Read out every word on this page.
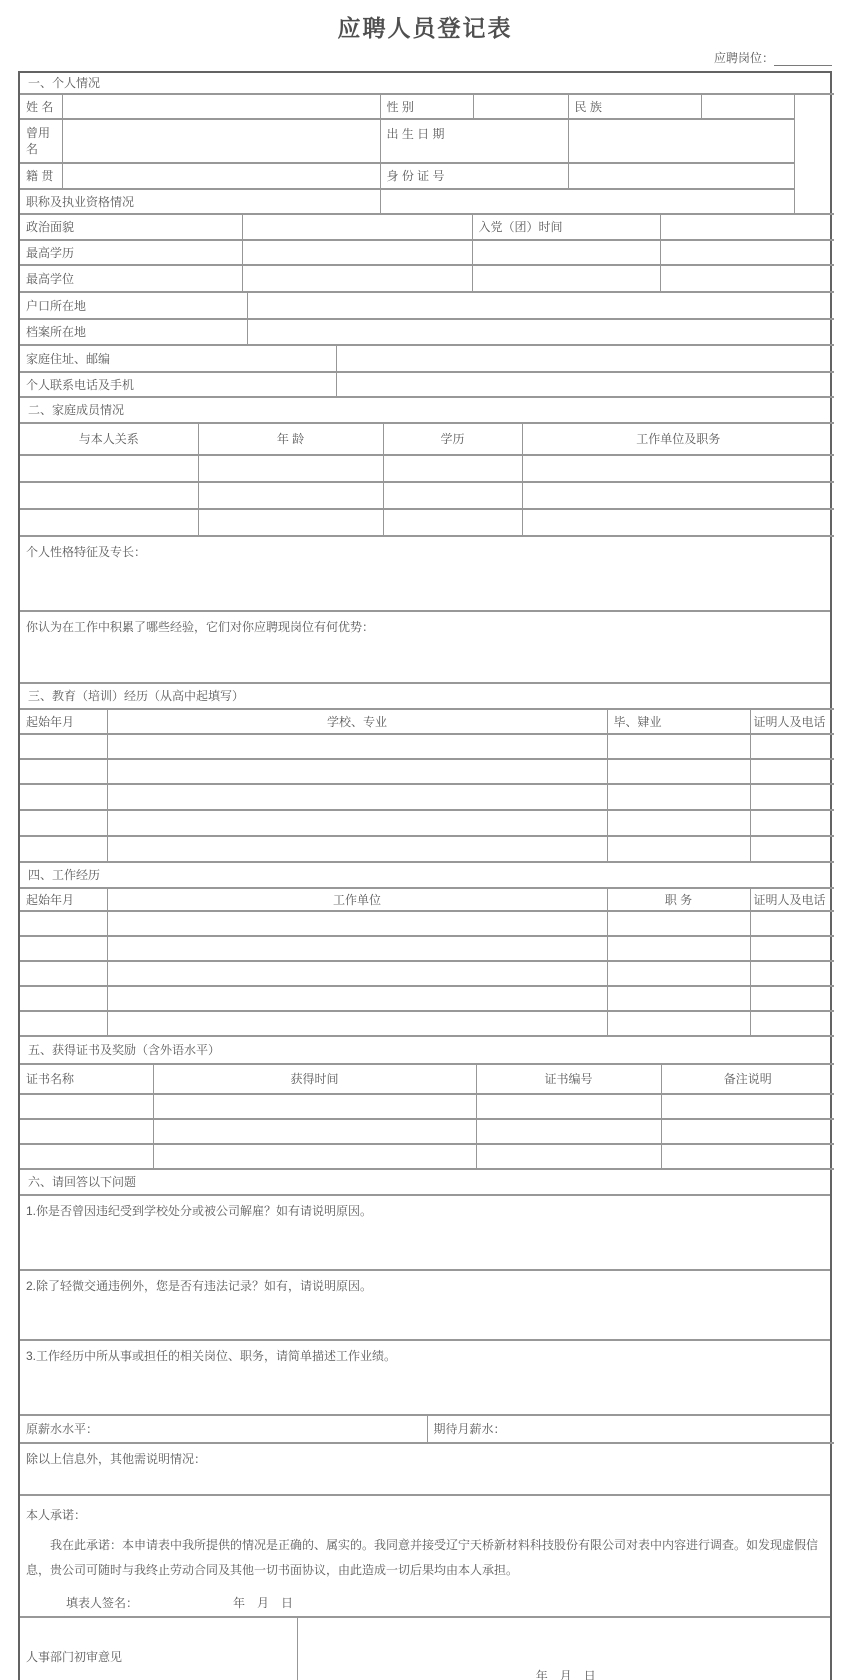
应聘人员登记表
应聘岗位：
一、个人情况						
姓 名		性 别		民 族		
曾用名		出 生 日 期				
籍 贯		身 份 证 号				
职称及执业资格情况						
政治面貌		入党（团）时间	
最高学历			
最高学位			
户口所在地	
档案所在地	
家庭住址、邮编	
个人联系电话及手机	
二、家庭成员情况			
与本人关系	年 龄	学历	工作单位及职务

个人性格特征及专长：
你认为在工作中积累了哪些经验，它们对你应聘现岗位有何优势：
三、教育（培训）经历（从高中起填写）			
起始年月	学校、专业	毕、肄业	证明人及电话

四、工作经历			
起始年月	工作单位	职 务	证明人及电话

五、获得证书及奖励（含外语水平）			
证书名称	获得时间	证书编号	备注说明

六、请回答以下问题
1.你是否曾因违纪受到学校处分或被公司解雇？如有请说明原因。
2.除了轻微交通违例外，您是否有违法记录？如有，请说明原因。
3.工作经历中所从事或担任的相关岗位、职务，请简单描述工作业绩。
原薪水水平：	期待月薪水：
除以上信息外，其他需说明情况：

本人承诺：
我在此承诺：本申请表中我所提供的情况是正确的、属实的。我同意并接受辽宁天桥新材料科技股份有限公司对表中内容进行调查。如发现虚假信息，贵公司可随时与我终止劳动合同及其他一切书面协议，由此造成一切后果均由本人承担。
填表人签名：	年　月　日
人事部门初审意见	年　月　日
